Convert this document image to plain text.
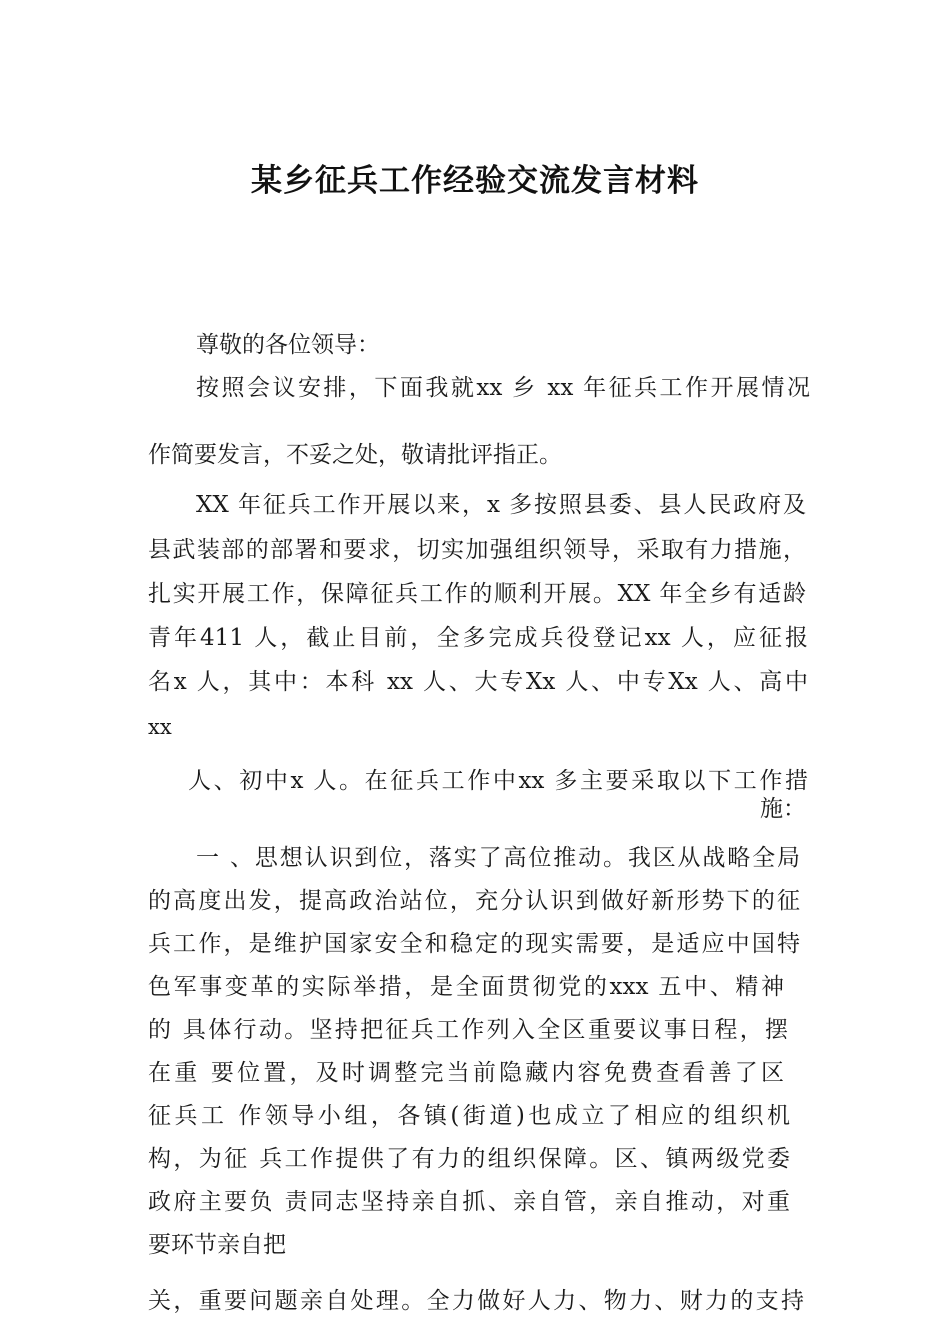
某乡征兵工作经验交流发言材料
尊敬的各位领导：
按照会议安排，下面我就xx 乡 xx 年征兵工作开展情况
作简要发言，不妥之处，敬请批评指正。
XX 年征兵工作开展以来，x 多按照县委、县人民政府及
县武装部的部署和要求，切实加强组织领导，采取有力措施，
扎实开展工作，保障征兵工作的顺利开展。XX 年全乡有适龄
青年411 人，截止目前，全多完成兵役登记xx 人，应征报
名x 人，其中：本科 xx 人、大专Xx 人、中专Xx 人、高中
xx
人、初中x 人。在征兵工作中xx 多主要采取以下工作措
施：
一 、思想认识到位，落实了高位推动。我区从战略全局
的高度出发，提高政治站位，充分认识到做好新形势下的征
兵工作，是维护国家安全和稳定的现实需要，是适应中国特
色军事变革的实际举措，是全面贯彻党的xxx 五中、精神
的 具体行动。坚持把征兵工作列入全区重要议事日程，摆
在重 要位置，及时调整完当前隐藏内容免费查看善了区
征兵工 作领导小组，各镇(街道)也成立了相应的组织机
构，为征 兵工作提供了有力的组织保障。区、镇两级党委
政府主要负 责同志坚持亲自抓、亲自管，亲自推动，对重
要环节亲自把
关，重要问题亲自处理。全力做好人力、物力、财力的支持
